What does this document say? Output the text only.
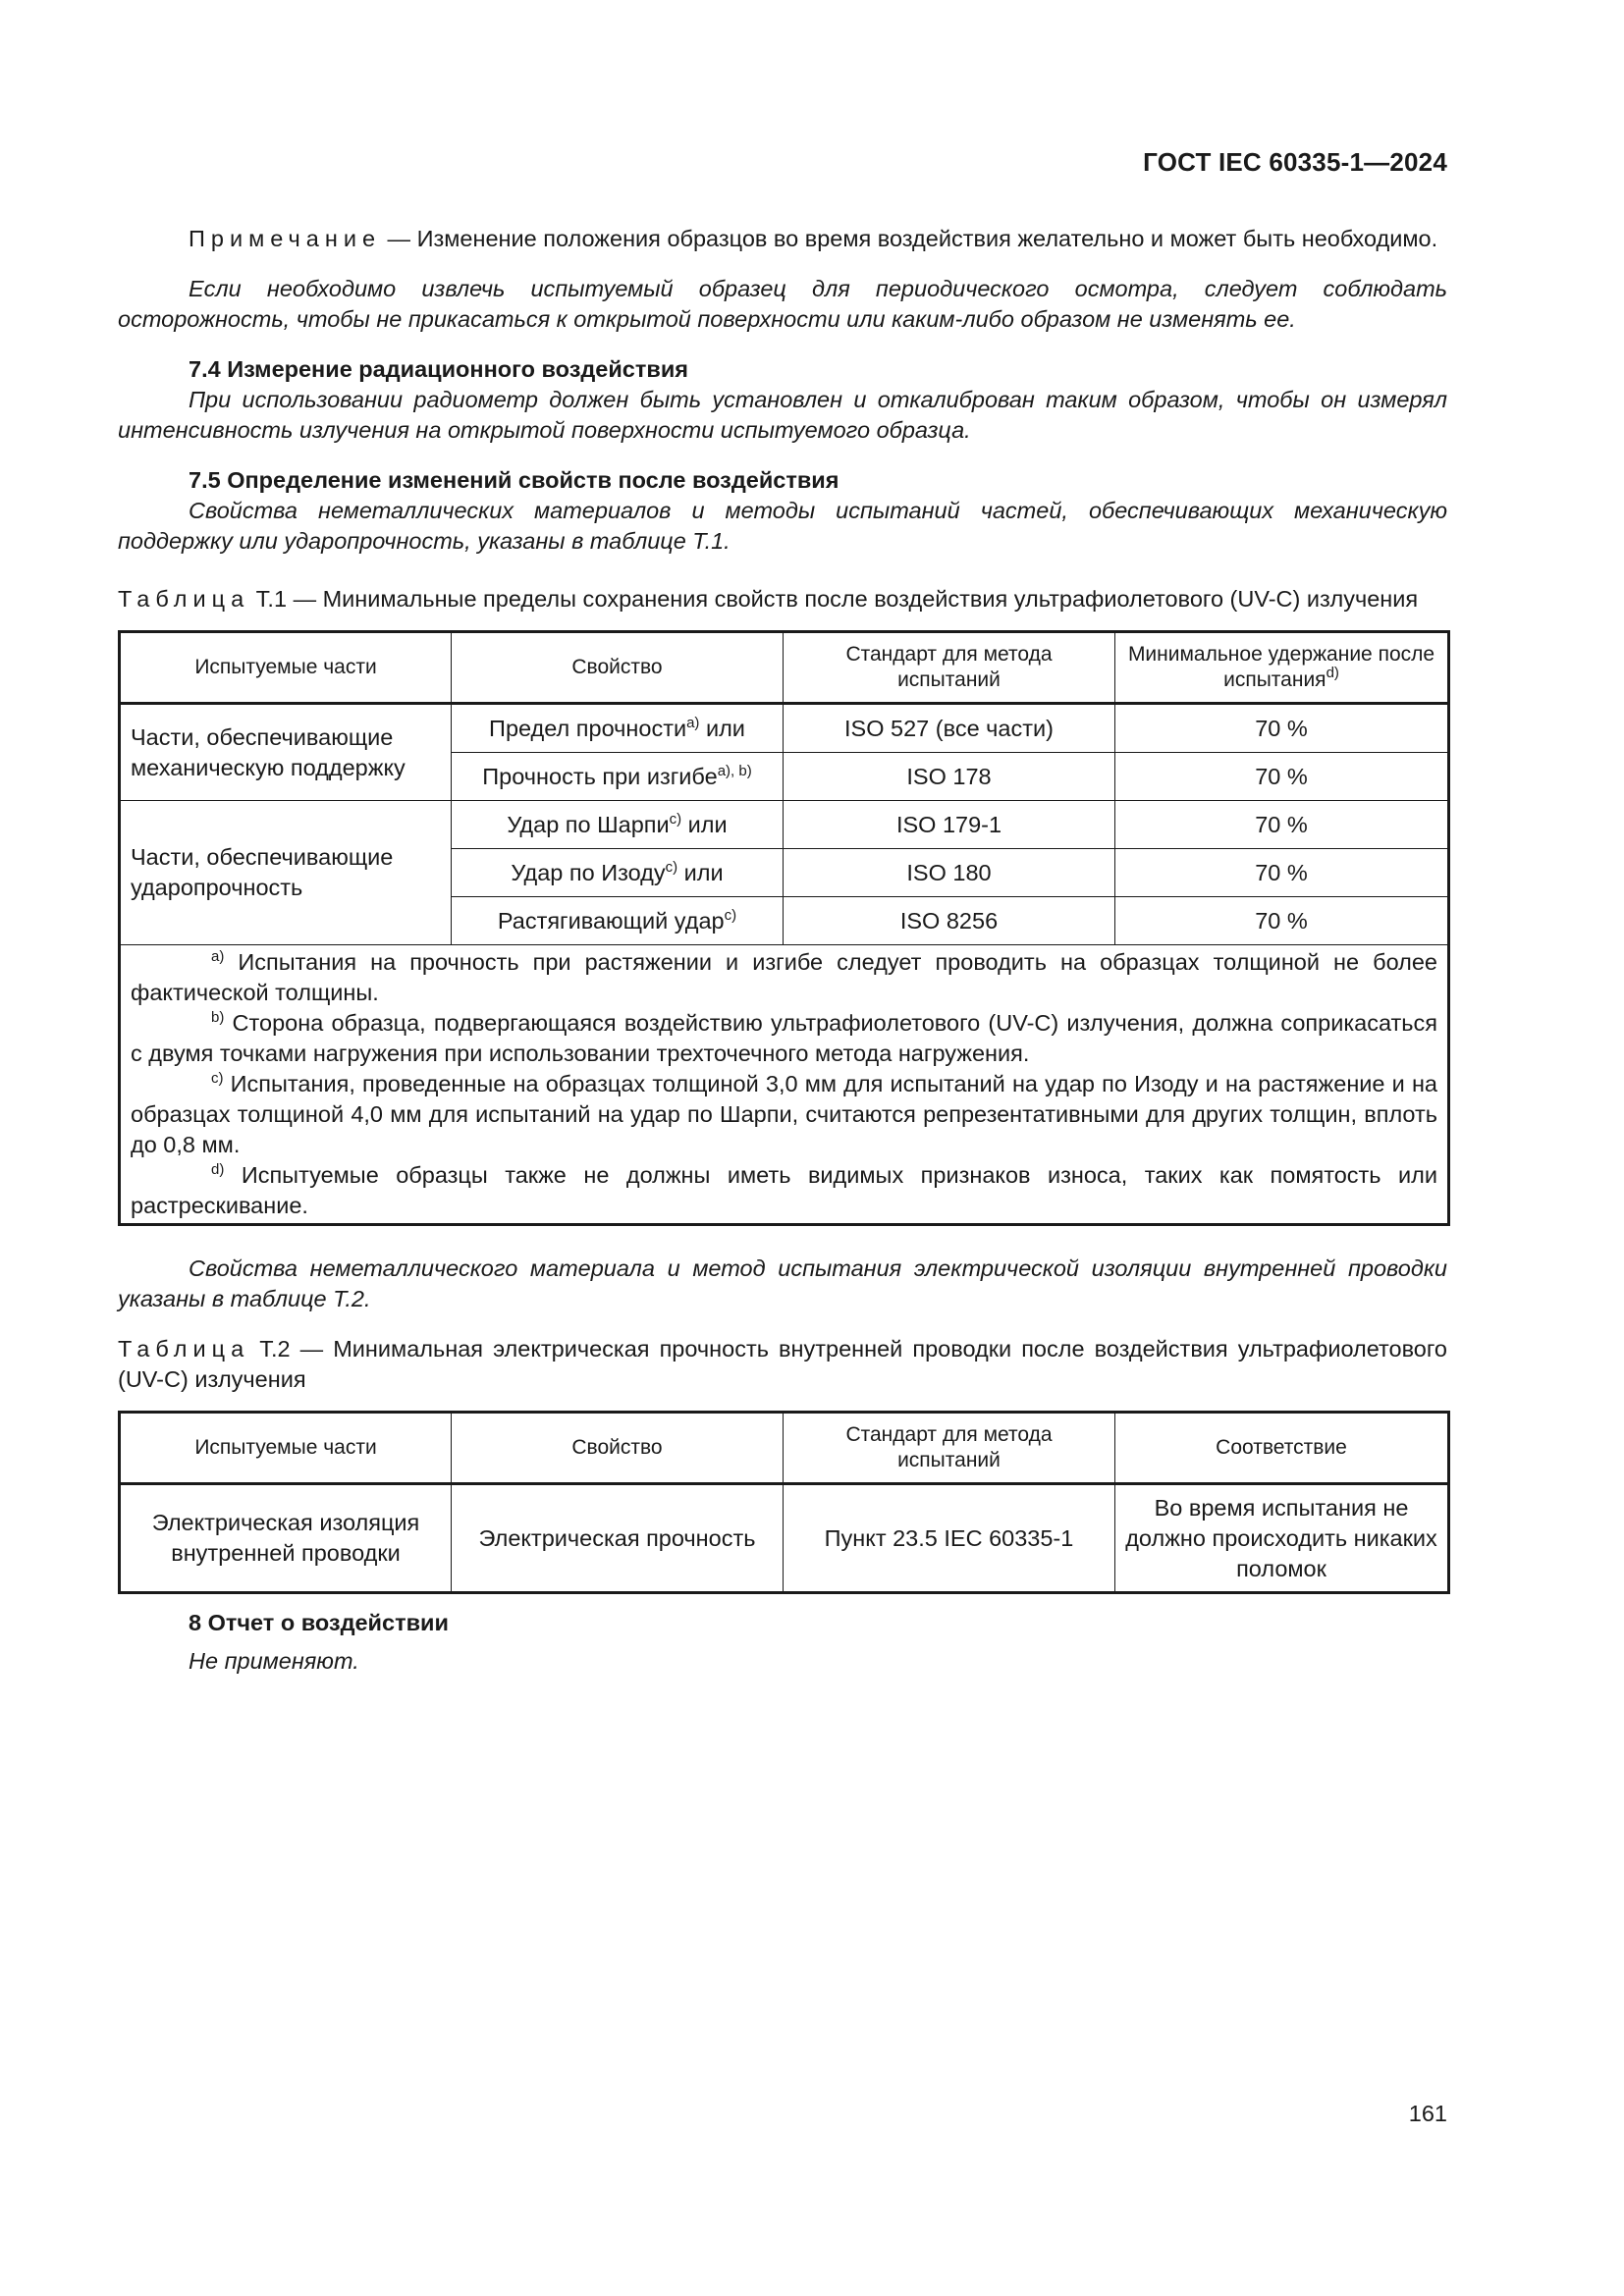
ГОСТ IEC 60335-1—2024

Примечание — Изменение положения образцов во время воздействия желательно и может быть необходимо.

Если необходимо извлечь испытуемый образец для периодического осмотра, следует соблюдать осторожность, чтобы не прикасаться к открытой поверхности или каким-либо образом не изменять ее.

7.4 Измерение радиационного воздействия

При использовании радиометр должен быть установлен и откалиброван таким образом, чтобы он измерял интенсивность излучения на открытой поверхности испытуемого образца.

7.5 Определение изменений свойств после воздействия

Свойства неметаллических материалов и методы испытаний частей, обеспечивающих механическую поддержку или ударопрочность, указаны в таблице Т.1.

Таблица Т.1 — Минимальные пределы сохранения свойств после воздействия ультрафиолетового (UV-C) излучения

Испытуемые части	Свойство	Стандарт для метода испытаний	Минимальное удержание после испытания$^{d)}$
Части, обеспечивающие механическую поддержку	Предел прочности$^{a)}$ или	ISO 527 (все части)	70 %
	Прочность при изгибе$^{a), b)}$	ISO 178	70 %
Части, обеспечивающие ударопрочность	Удар по Шарпи$^{c)}$ или	ISO 179-1	70 %
	Удар по Изоду$^{c)}$ или	ISO 180	70 %
	Растягивающий удар$^{c)}$	ISO 8256	70 %

$^{a)}$ Испытания на прочность при растяжении и изгибе следует проводить на образцах толщиной не более фактической толщины.

$^{b)}$ Сторона образца, подвергающаяся воздействию ультрафиолетового (UV-C) излучения, должна соприкасаться с двумя точками нагружения при использовании трехточечного метода нагружения.

$^{c)}$ Испытания, проведенные на образцах толщиной 3,0 мм для испытаний на удар по Изоду и на растяжение и на образцах толщиной 4,0 мм для испытаний на удар по Шарпи, считаются репрезентативными для других толщин, вплоть до 0,8 мм.

$^{d)}$ Испытуемые образцы также не должны иметь видимых признаков износа, таких как помятость или растрескивание.			

Свойства неметаллического материала и метод испытания электрической изоляции внутренней проводки указаны в таблице Т.2.

Таблица Т.2 — Минимальная электрическая прочность внутренней проводки после воздействия ультрафиолетового (UV-C) излучения

Испытуемые части	Свойство	Стандарт для метода испытаний	Соответствие
Электрическая изоляция внутренней проводки	Электрическая прочность	Пункт 23.5 IEC 60335-1	Во время испытания не должно происходить никаких поломок

8 Отчет о воздействии

Не применяют.

161
